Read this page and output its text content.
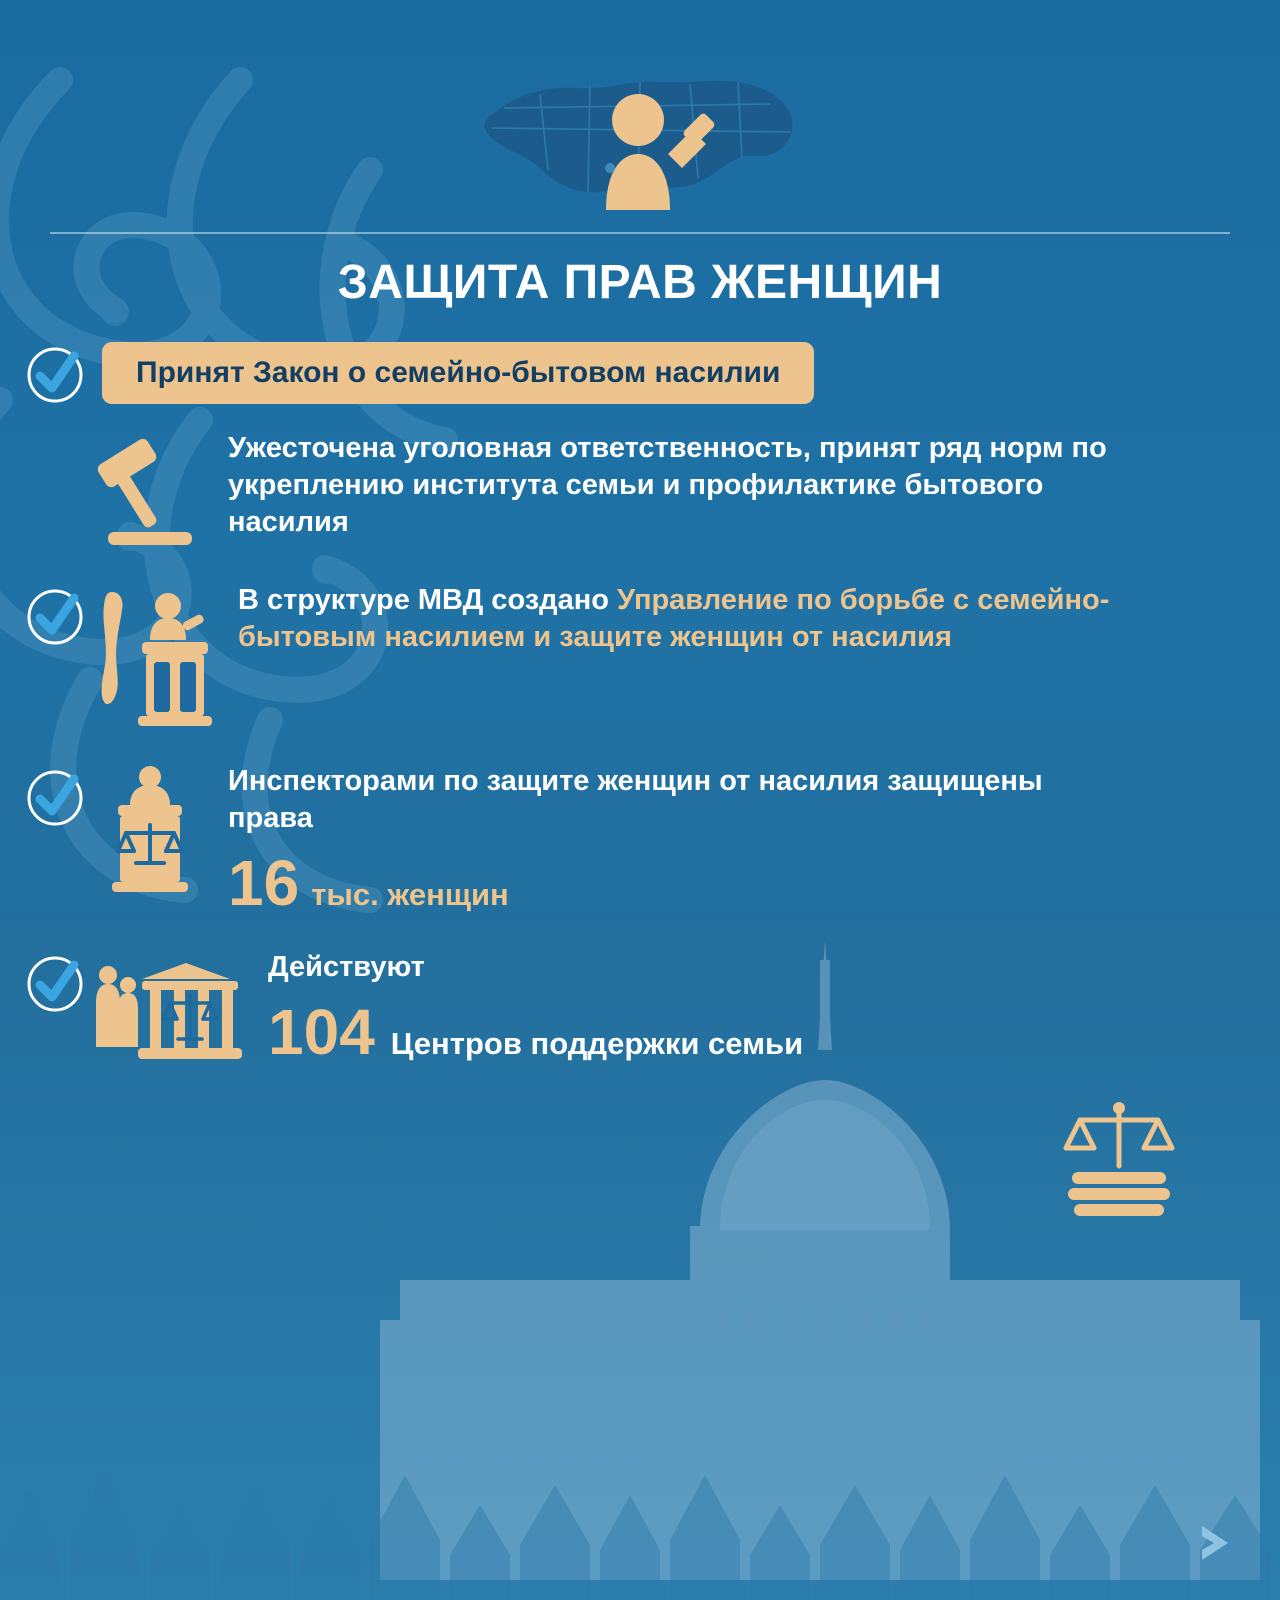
ЗАЩИТА ПРАВ ЖЕНЩИН
Принят Закон о семейно-бытовом насилии
Ужесточена уголовная ответственность, принят ряд норм по укреплению института семьи и профилактике бытового насилия
В структуре МВД создано Управление по борьбе с семейно-бытовым насилием и защите женщин от насилия
Инспекторами по защите женщин от насилия защищены права
16 тыс. женщин
Действуют
104 Центров поддержки семьи
